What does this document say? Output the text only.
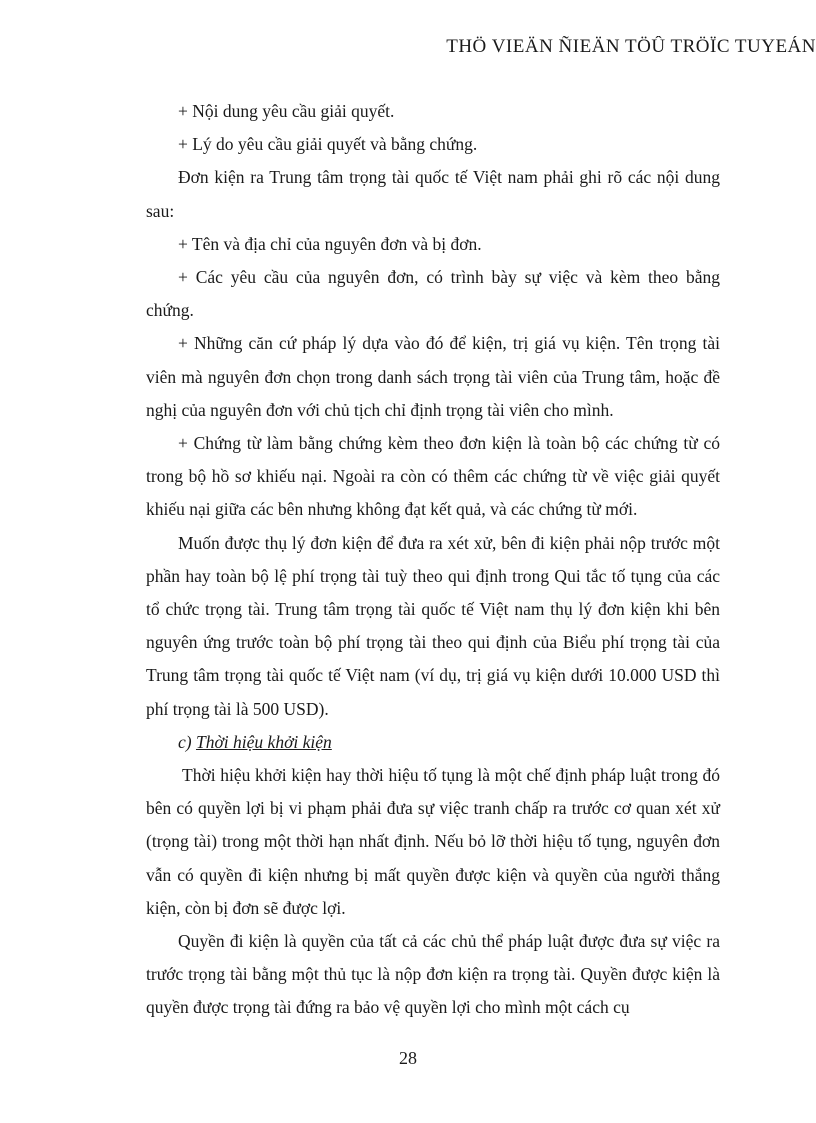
THÖ VIEÄN ÑIEÄN TÖÛ TRÖÏC TUYEÁN

+ Nội dung yêu cầu giải quyết.

+ Lý do yêu cầu giải quyết và bằng chứng.

Đơn kiện ra Trung tâm trọng tài quốc tế Việt nam phải ghi rõ các nội dung sau:

+ Tên và địa chỉ của nguyên đơn và bị đơn.

+ Các yêu cầu của nguyên đơn, có trình bày sự việc và kèm theo bằng chứng.

+ Những căn cứ pháp lý dựa vào đó để kiện, trị giá vụ kiện. Tên trọng tài viên mà nguyên đơn chọn trong danh sách trọng tài viên của Trung tâm, hoặc đề nghị của nguyên đơn với chủ tịch chỉ định trọng tài viên cho mình.

+ Chứng từ làm bằng chứng kèm theo đơn kiện là toàn bộ các chứng từ có trong bộ hồ sơ khiếu nại. Ngoài ra còn có thêm các chứng từ về việc giải quyết khiếu nại giữa các bên nhưng không đạt kết quả, và các chứng từ mới.

Muốn được thụ lý đơn kiện để đưa ra xét xử, bên đi kiện phải nộp trước một phần hay toàn bộ lệ phí trọng tài tuỳ theo qui định trong Qui tắc tố tụng của các tổ chức trọng tài. Trung tâm trọng tài quốc tế Việt nam thụ lý đơn kiện khi bên nguyên ứng trước toàn bộ phí trọng tài theo qui định của Biểu phí trọng tài của Trung tâm trọng tài quốc tế Việt nam (ví dụ, trị giá vụ kiện dưới 10.000 USD thì phí trọng tài là 500 USD).

c) Thời hiệu khởi kiện

Thời hiệu khởi kiện hay thời hiệu tố tụng là một chế định pháp luật trong đó bên có quyền lợi bị vi phạm phải đưa sự việc tranh chấp ra trước cơ quan xét xử (trọng tài) trong một thời hạn nhất định. Nếu bỏ lỡ thời hiệu tố tụng, nguyên đơn vẫn có quyền đi kiện nhưng bị mất quyền được kiện và quyền của người thắng kiện, còn bị đơn sẽ được lợi.

Quyền đi kiện là quyền của tất cả các chủ thể pháp luật được đưa sự việc ra trước trọng tài bằng một thủ tục là nộp đơn kiện ra trọng tài. Quyền được kiện là quyền được trọng tài đứng ra bảo vệ quyền lợi cho mình một cách cụ

28
